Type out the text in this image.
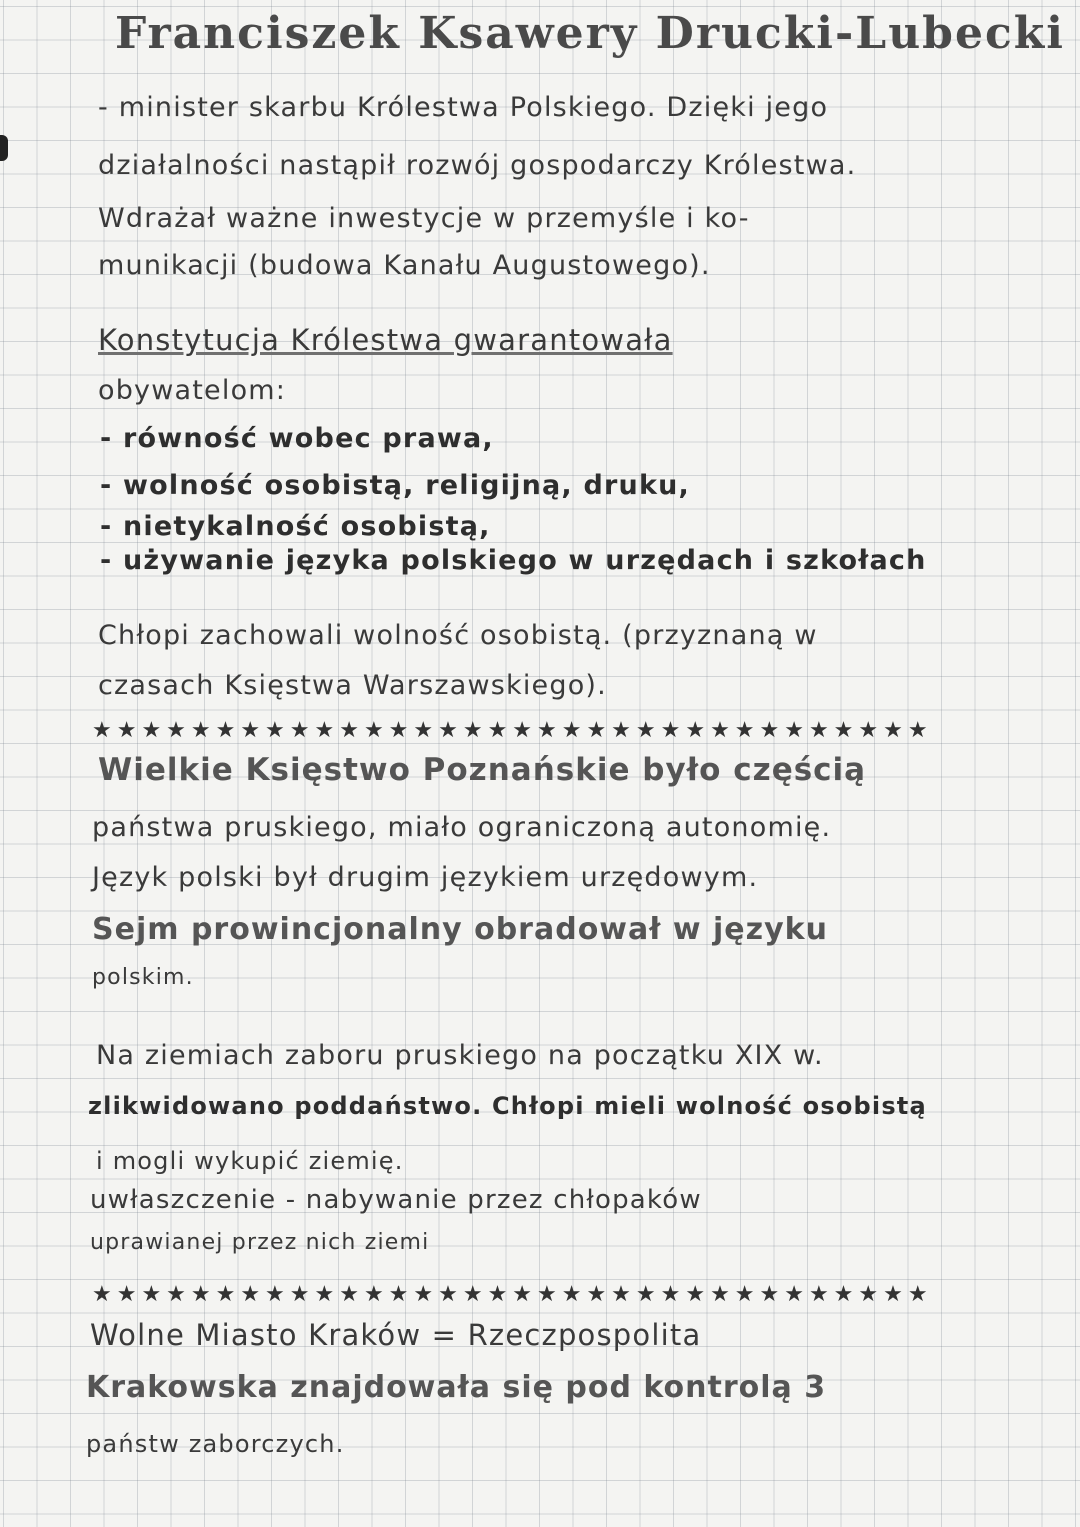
Franciszek Ksawery Drucki-Lubecki
- minister skarbu Królestwa Polskiego. Dzięki jego
działalności nastąpił rozwój gospodarczy Królestwa.
Wdrażał ważne inwestycje w przemyśle i ko-
munikacji (budowa Kanału Augustowego).
Konstytucja Królestwa gwarantowała
obywatelom:
- równość wobec prawa,
- wolność osobistą, religijną, druku,
- nietykalność osobistą,
- używanie języka polskiego w urzędach i szkołach
Chłopi zachowali wolność osobistą. (przyznaną w
czasach Księstwa Warszawskiego).
★★★★★★★★★★★★★★★★★★★★★★★★★★★★★★★★★★
Wielkie Księstwo Poznańskie było częścią
państwa pruskiego, miało ograniczoną autonomię.
Język polski był drugim językiem urzędowym.
Sejm prowincjonalny obradował w języku
polskim.
Na ziemiach zaboru pruskiego na początku XIX w.
zlikwidowano poddaństwo. Chłopi mieli wolność osobistą
i mogli wykupić ziemię.
uwłaszczenie - nabywanie przez chłopaków
uprawianej przez nich ziemi
★★★★★★★★★★★★★★★★★★★★★★★★★★★★★★★★★★
Wolne Miasto Kraków = Rzeczpospolita
Krakowska znajdowała się pod kontrolą 3
państw zaborczych.
